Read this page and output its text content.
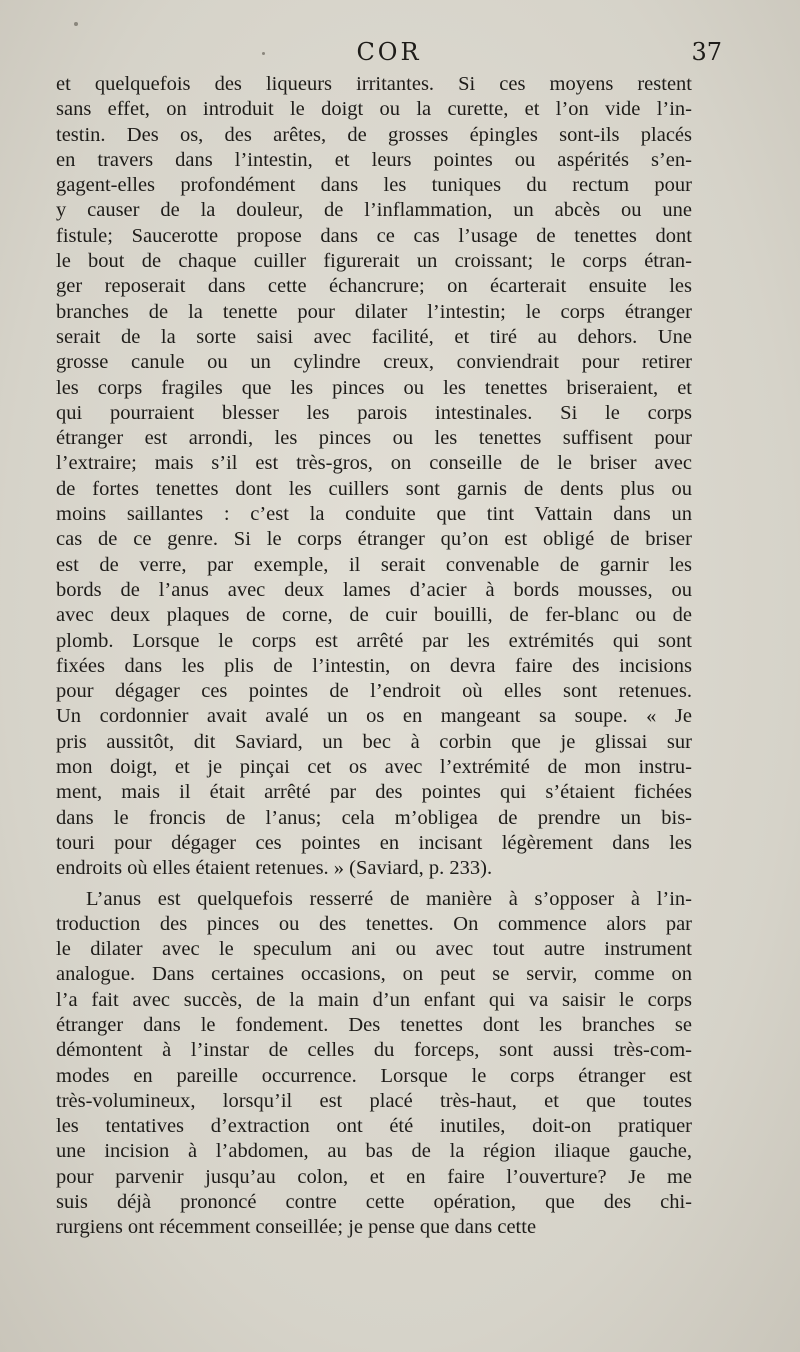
COR	37
et quelquefois des liqueurs irritantes. Si ces moyens restent
sans effet, on introduit le doigt ou la curette, et l’on vide l’in-
testin. Des os, des arêtes, de grosses épingles sont-ils placés
en travers dans l’intestin, et leurs pointes ou aspérités s’en-
gagent-elles profondément dans les tuniques du rectum pour
y causer de la douleur, de l’inflammation, un abcès ou une
fistule; Saucerotte propose dans ce cas l’usage de tenettes dont
le bout de chaque cuiller figurerait un croissant; le corps étran-
ger reposerait dans cette échancrure; on écarterait ensuite les
branches de la tenette pour dilater l’intestin; le corps étranger
serait de la sorte saisi avec facilité, et tiré au dehors. Une
grosse canule ou un cylindre creux, conviendrait pour retirer
les corps fragiles que les pinces ou les tenettes briseraient, et
qui pourraient blesser les parois intestinales. Si le corps
étranger est arrondi, les pinces ou les tenettes suffisent pour
l’extraire; mais s’il est très-gros, on conseille de le briser avec
de fortes tenettes dont les cuillers sont garnis de dents plus ou
moins saillantes : c’est la conduite que tint Vattain dans un
cas de ce genre. Si le corps étranger qu’on est obligé de briser
est de verre, par exemple, il serait convenable de garnir les
bords de l’anus avec deux lames d’acier à bords mousses, ou
avec deux plaques de corne, de cuir bouilli, de fer-blanc ou de
plomb. Lorsque le corps est arrêté par les extrémités qui sont
fixées dans les plis de l’intestin, on devra faire des incisions
pour dégager ces pointes de l’endroit où elles sont retenues.
Un cordonnier avait avalé un os en mangeant sa soupe. « Je
pris aussitôt, dit Saviard, un bec à corbin que je glissai sur
mon doigt, et je pinçai cet os avec l’extrémité de mon instru-
ment, mais il était arrêté par des pointes qui s’étaient fichées
dans le froncis de l’anus; cela m’obligea de prendre un bis-
touri pour dégager ces pointes en incisant légèrement dans les
endroits où elles étaient retenues. » (Saviard, p. 233).
L’anus est quelquefois resserré de manière à s’opposer à l’in-
troduction des pinces ou des tenettes. On commence alors par
le dilater avec le speculum ani ou avec tout autre instrument
analogue. Dans certaines occasions, on peut se servir, comme on
l’a fait avec succès, de la main d’un enfant qui va saisir le corps
étranger dans le fondement. Des tenettes dont les branches se
démontent à l’instar de celles du forceps, sont aussi très-com-
modes en pareille occurrence. Lorsque le corps étranger est
très-volumineux, lorsqu’il est placé très-haut, et que toutes
les tentatives d’extraction ont été inutiles, doit-on pratiquer
une incision à l’abdomen, au bas de la région iliaque gauche,
pour parvenir jusqu’au colon, et en faire l’ouverture? Je me
suis déjà prononcé contre cette opération, que des chi-
rurgiens ont récemment conseillée; je pense que dans cette
